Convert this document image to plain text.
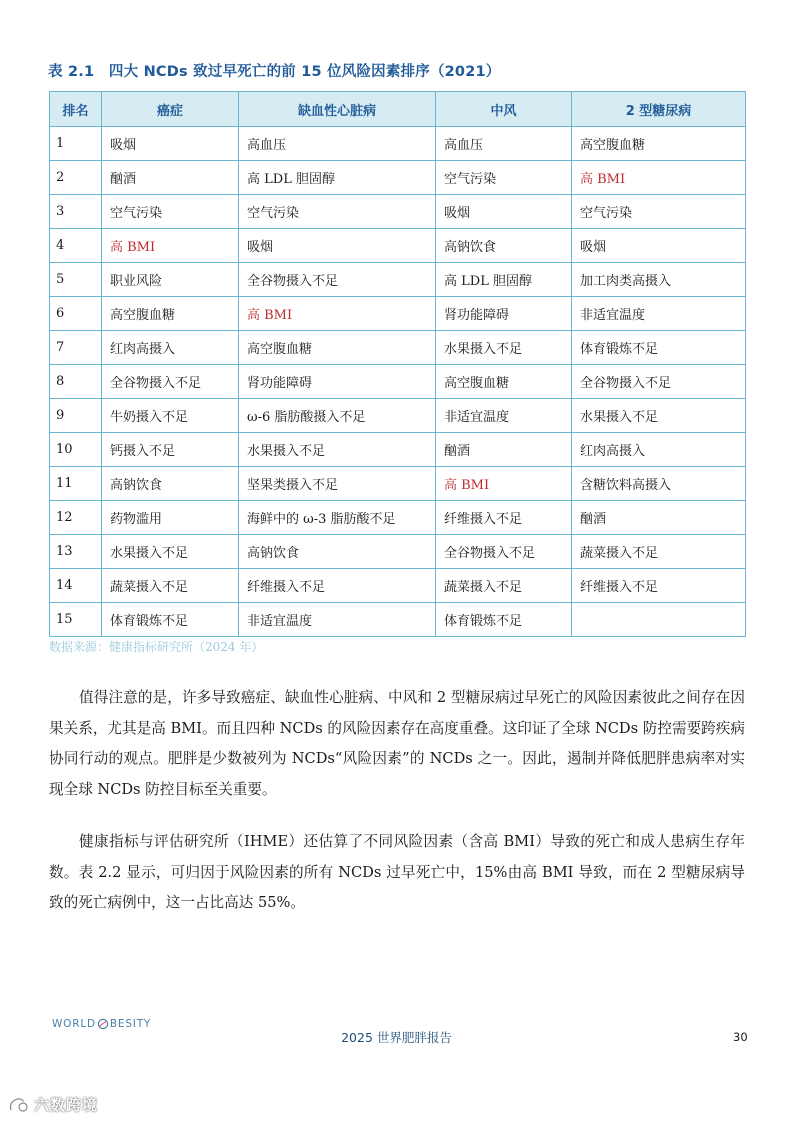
表 2.1　四大 NCDs 致过早死亡的前 15 位风险因素排序（2021）
排名	癌症	缺血性心脏病	中风	2 型糖尿病
1	吸烟	高血压	高血压	高空腹血糖
2	酗酒	高 LDL 胆固醇	空气污染	高 BMI
3	空气污染	空气污染	吸烟	空气污染
4	高 BMI	吸烟	高钠饮食	吸烟
5	职业风险	全谷物摄入不足	高 LDL 胆固醇	加工肉类高摄入
6	高空腹血糖	高 BMI	肾功能障碍	非适宜温度
7	红肉高摄入	高空腹血糖	水果摄入不足	体育锻炼不足
8	全谷物摄入不足	肾功能障碍	高空腹血糖	全谷物摄入不足
9	牛奶摄入不足	ω-6 脂肪酸摄入不足	非适宜温度	水果摄入不足
10	钙摄入不足	水果摄入不足	酗酒	红肉高摄入
11	高钠饮食	坚果类摄入不足	高 BMI	含糖饮料高摄入
12	药物滥用	海鲜中的 ω-3 脂肪酸不足	纤维摄入不足	酗酒
13	水果摄入不足	高钠饮食	全谷物摄入不足	蔬菜摄入不足
14	蔬菜摄入不足	纤维摄入不足	蔬菜摄入不足	纤维摄入不足
15	体育锻炼不足	非适宜温度	体育锻炼不足	
数据来源：健康指标研究所（2024 年）

值得注意的是，许多导致癌症、缺血性心脏病、中风和 2 型糖尿病过早死亡的风险因素彼此之间存在因果关系，尤其是高 BMI。而且四种 NCDs 的风险因素存在高度重叠。这印证了全球 NCDs 防控需要跨疾病协同行动的观点。肥胖是少数被列为 NCDs“风险因素”的 NCDs 之一。因此，遏制并降低肥胖患病率对实现全球 NCDs 防控目标至关重要。

健康指标与评估研究所（IHME）还估算了不同风险因素（含高 BMI）导致的死亡和成人患病生存年数。表 2.2 显示，可归因于风险因素的所有 NCDs 过早死亡中，15%由高 BMI 导致，而在 2 型糖尿病导致的死亡病例中，这一占比高达 55%。

WORLD BESITY
2025 世界肥胖报告	30
六数跨境
